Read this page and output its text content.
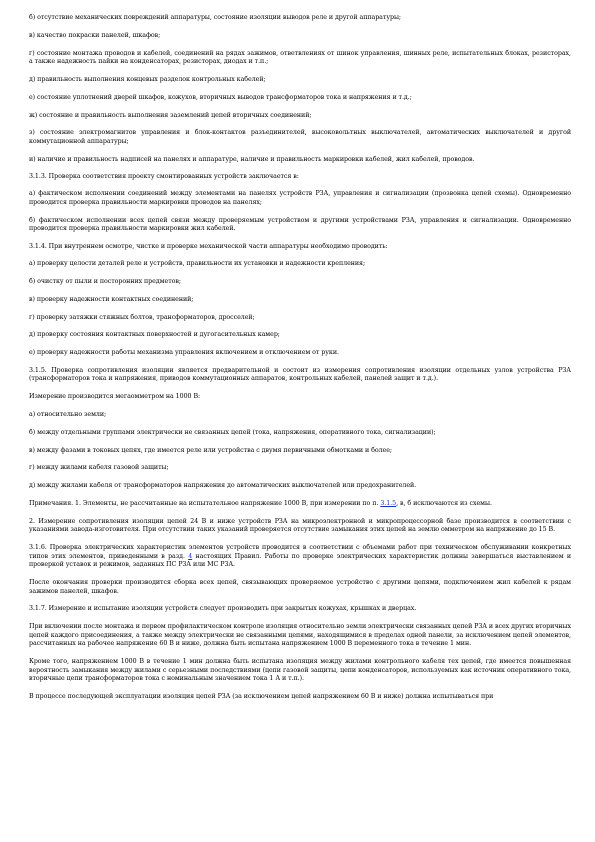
б) отсутствие механических повреждений аппаратуры, состояние изоляции выводов реле и другой аппаратуры;

в) качество покраски панелей, шкафов;

г) состояние монтажа проводов и кабелей, соединений на рядах зажимов, ответвлениях от шинок управления, шинных реле, испытательных блоках, резисторах, а также надежность пайки на конденсаторах, резисторах, диодах и т.п.;

д) правильность выполнения концевых разделок контрольных кабелей;

е) состояние уплотнений дверей шкафов, кожухов, вторичных выводов трансформаторов тока и напряжения и т.д.;

ж) состояние и правильность выполнения заземлений цепей вторичных соединений;

з) состояние электромагнитов управления и блок-контактов разъединителей, высоковольтных выключателей, автоматических выключателей и другой коммутационной аппаратуры;

и) наличие и правильность надписей на панелях и аппаратуре, наличие и правильность маркировки кабелей, жил кабелей, проводов.

3.1.3. Проверка соответствия проекту смонтированных устройств заключается в:

а) фактическом исполнении соединений между элементами на панелях устройств РЗА, управления и сигнализации (прозвонка цепей схемы). Одновременно проводится проверка правильности маркировки проводов на панелях;

б) фактическом исполнении всех цепей связи между проверяемым устройством и другими устройствами РЗА, управления и сигнализации. Одновременно проводится проверка правильности маркировки жил кабелей.

3.1.4. При внутреннем осмотре, чистке и проверке механической части аппаратуры необходимо проводить:

а) проверку целости деталей реле и устройств, правильности их установки и надежности крепления;

б) очистку от пыли и посторонних предметов;

в) проверку надежности контактных соединений;

г) проверку затяжки стяжных болтов, трансформаторов, дросселей;

д) проверку состояния контактных поверхностей и дугогасительных камер;

е) проверку надежности работы механизма управления включением и отключением от руки.

3.1.5. Проверка сопротивления изоляции является предварительной и состоит из измерения сопротивления изоляции отдельных узлов устройства РЗА (трансформаторов тока и напряжения, приводов коммутационных аппаратов, контрольных кабелей, панелей защит и т.д.).

Измерение производится мегаомметром на 1000 В:

а) относительно земли;

б) между отдельными группами электрически не связанных цепей (тока, напряжения, оперативного тока, сигнализации);

в) между фазами в токовых цепях, где имеется реле или устройства с двумя первичными обмотками и более;

г) между жилами кабеля газовой защиты;

д) между жилами кабеля от трансформаторов напряжения до автоматических выключателей или предохранителей.

Примечания. 1. Элементы, не рассчитанные на испытательное напряжение 1000 В, при измерении по п. 3.1.5, в, б исключаются из схемы.

2. Измерение сопротивления изоляции цепей 24 В и ниже устройств РЗА на микроэлектронной и микропроцессорной базе производится в соответствии с указаниями завода-изготовителя. При отсутствии таких указаний проверяется отсутствие замыкания этих цепей на землю омметром на напряжение до 15 В.

3.1.6. Проверка электрических характеристик элементов устройств проводится в соответствии с объемами работ при техническом обслуживании конкретных типов этих элементов, приведенными в разд. 4 настоящих Правил. Работы по проверке электрических характеристик должны завершаться выставлением и проверкой уставок и режимов, заданных ПС РЗА или МС РЗА.

После окончания проверки производится сборка всех цепей, связывающих проверяемое устройство с другими цепями, подключением жил кабелей к рядам зажимов панелей, шкафов.

3.1.7. Измерение и испытание изоляции устройств следует производить при закрытых кожухах, крышках и дверцах.

При включении после монтажа и первом профилактическом контроле изоляция относительно земли электрически связанных цепей РЗА и всех других вторичных цепей каждого присоединения, а также между электрически не связанными цепями, находящимися в пределах одной панели, за исключением цепей элементов, рассчитанных на рабочее напряжение 60 В и ниже, должна быть испытана напряжением 1000 В переменного тока в течение 1 мин.

Кроме того, напряжением 1000 В в течение 1 мин должна быть испытана изоляция между жилами контрольного кабеля тех цепей, где имеется повышенная вероятность замыкания между жилами с серьезными последствиями (цепи газовой защиты, цепи конденсаторов, используемых как источник оперативного тока, вторичные цепи трансформаторов тока с номинальным значением тока 1 А и т.п.).

В процессе последующей эксплуатации изоляция цепей РЗА (за исключением цепей напряжением 60 В и ниже) должна испытываться при
